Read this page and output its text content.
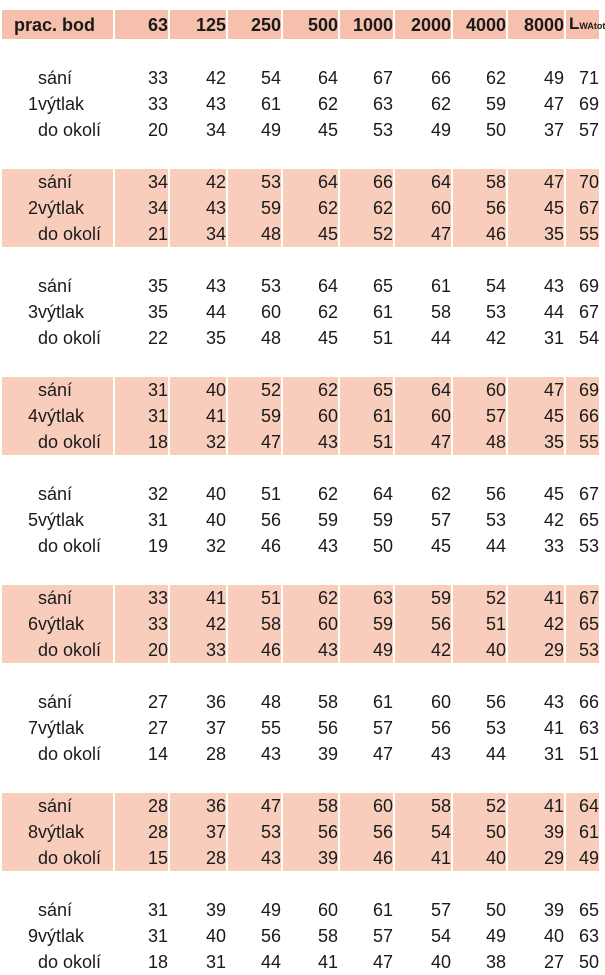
prac. bod		63	125	250	500	1000	2000	4000	8000	LWAtot

1	sání	33	42	54	64	67	66	62	49	71
	výtlak	33	43	61	62	63	62	59	47	69
	do okolí	20	34	49	45	53	49	50	37	57

2	sání	34	42	53	64	66	64	58	47	70
	výtlak	34	43	59	62	62	60	56	45	67
	do okolí	21	34	48	45	52	47	46	35	55

3	sání	35	43	53	64	65	61	54	43	69
	výtlak	35	44	60	62	61	58	53	44	67
	do okolí	22	35	48	45	51	44	42	31	54

4	sání	31	40	52	62	65	64	60	47	69
	výtlak	31	41	59	60	61	60	57	45	66
	do okolí	18	32	47	43	51	47	48	35	55

5	sání	32	40	51	62	64	62	56	45	67
	výtlak	31	40	56	59	59	57	53	42	65
	do okolí	19	32	46	43	50	45	44	33	53

6	sání	33	41	51	62	63	59	52	41	67
	výtlak	33	42	58	60	59	56	51	42	65
	do okolí	20	33	46	43	49	42	40	29	53

7	sání	27	36	48	58	61	60	56	43	66
	výtlak	27	37	55	56	57	56	53	41	63
	do okolí	14	28	43	39	47	43	44	31	51

8	sání	28	36	47	58	60	58	52	41	64
	výtlak	28	37	53	56	56	54	50	39	61
	do okolí	15	28	43	39	46	41	40	29	49

9	sání	31	39	49	60	61	57	50	39	65
	výtlak	31	40	56	58	57	54	49	40	63
	do okolí	18	31	44	41	47	40	38	27	50
